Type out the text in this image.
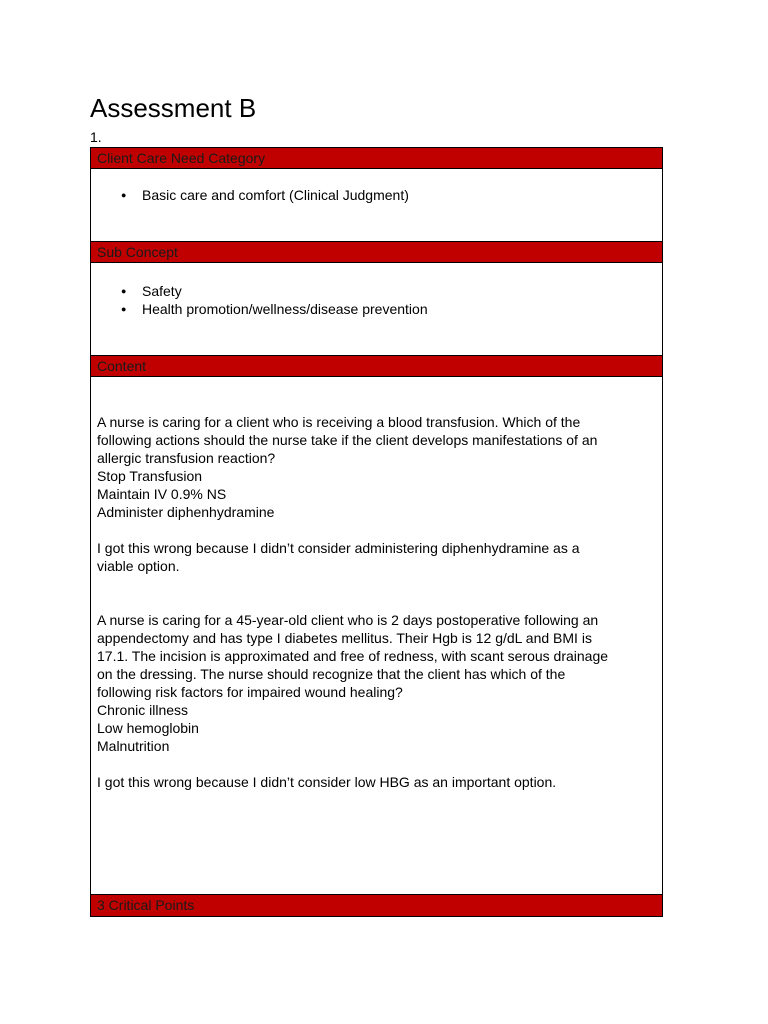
Assessment B
1.
Client Care Need Category
● Basic care and comfort (Clinical Judgment)
Sub Concept
● Safety
● Health promotion/wellness/disease prevention
Content
A nurse is caring for a client who is receiving a blood transfusion. Which of the
following actions should the nurse take if the client develops manifestations of an
allergic transfusion reaction?
Stop Transfusion
Maintain IV 0.9% NS
Administer diphenhydramine
I got this wrong because I didn’t consider administering diphenhydramine as a
viable option.
A nurse is caring for a 45-year-old client who is 2 days postoperative following an
appendectomy and has type I diabetes mellitus. Their Hgb is 12 g/dL and BMI is
17.1. The incision is approximated and free of redness, with scant serous drainage
on the dressing. The nurse should recognize that the client has which of the
following risk factors for impaired wound healing?
Chronic illness
Low hemoglobin
Malnutrition
I got this wrong because I didn’t consider low HBG as an important option.
3 Critical Points
